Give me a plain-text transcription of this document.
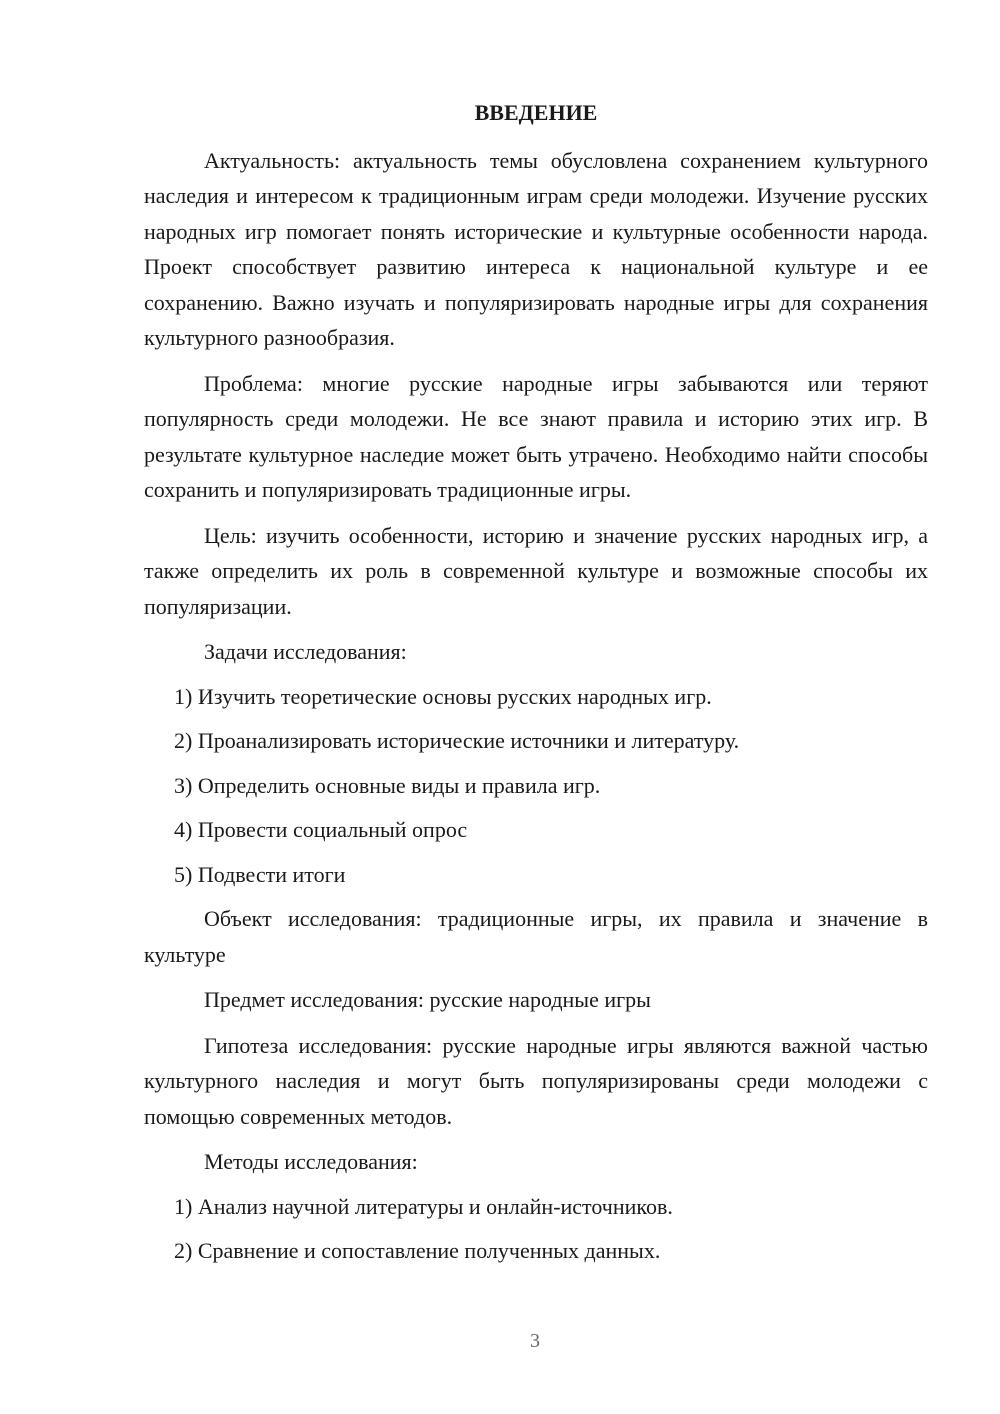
ВВЕДЕНИЕ

Актуальность: актуальность темы обусловлена сохранением культурного наследия и интересом к традиционным играм среди молодежи. Изучение русских народных игр помогает понять исторические и культурные особенности народа. Проект способствует развитию интереса к национальной культуре и ее сохранению. Важно изучать и популяризировать народные игры для сохранения культурного разнообразия.

Проблема: многие русские народные игры забываются или теряют популярность среди молодежи. Не все знают правила и историю этих игр. В результате культурное наследие может быть утрачено. Необходимо найти способы сохранить и популяризировать традиционные игры.

Цель: изучить особенности, историю и значение русских народных игр, а также определить их роль в современной культуре и возможные способы их популяризации.

Задачи исследования:

1) Изучить теоретические основы русских народных игр.
2) Проанализировать исторические источники и литературу.
3) Определить основные виды и правила игр.
4) Провести социальный опрос
5) Подвести итоги

Объект исследования: традиционные игры, их правила и значение в культуре

Предмет исследования: русские народные игры

Гипотеза исследования: русские народные игры являются важной частью культурного наследия и могут быть популяризированы среди молодежи с помощью современных методов.

Методы исследования:

1) Анализ научной литературы и онлайн-источников.
2) Сравнение и сопоставление полученных данных.
3
